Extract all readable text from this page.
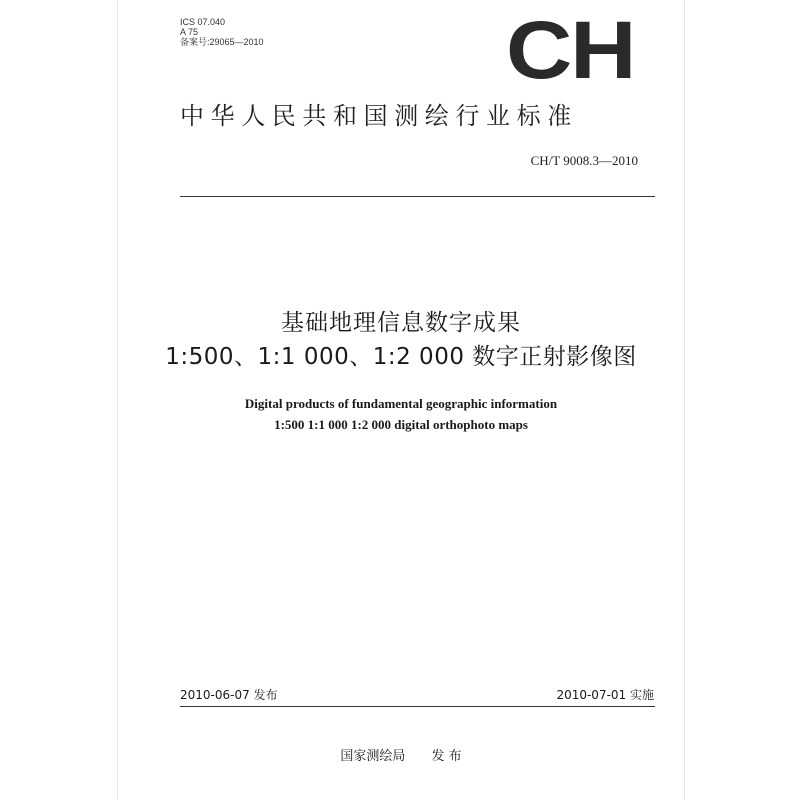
ICS 07.040
A 75
备案号:29065—2010	CH
中华人民共和国测绘行业标准
CH/T 9008.3—2010
基础地理信息数字成果
1:500、1:1 000、1:2 000 数字正射影像图
Digital products of fundamental geographic information
1:500 1:1 000 1:2 000 digital orthophoto maps
2010-06-07 发布	2010-07-01 实施
国家测绘局 发 布
